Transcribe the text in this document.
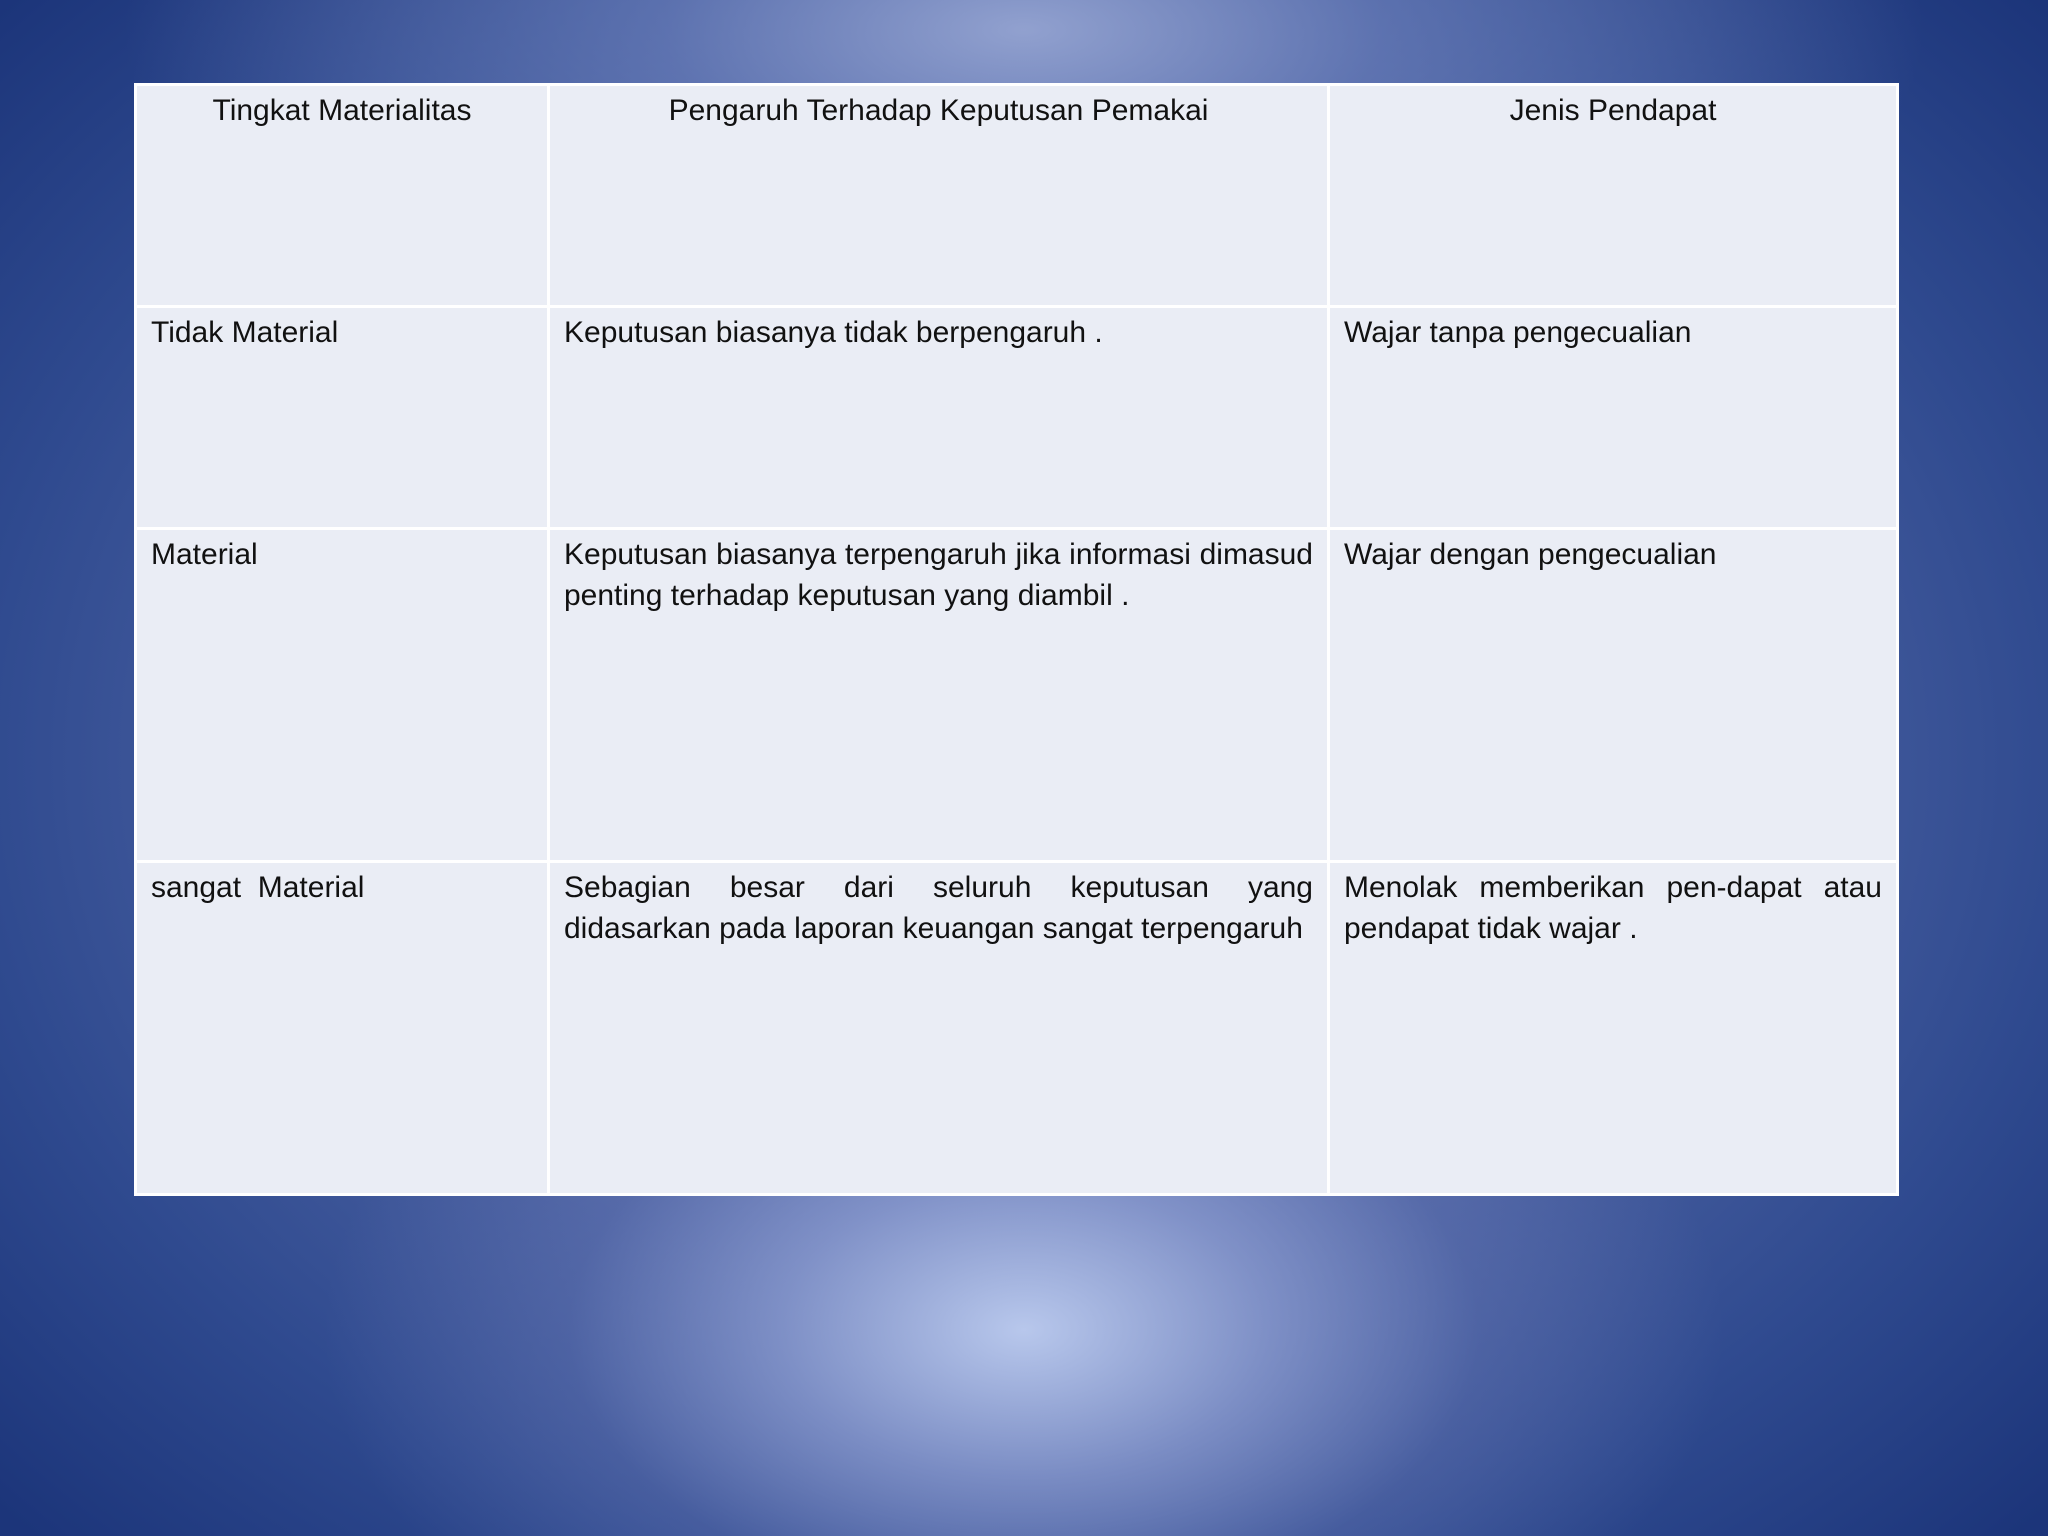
Tingkat Materialitas	Pengaruh Terhadap Keputusan Pemakai	Jenis Pendapat
Tidak Material	Keputusan biasanya tidak berpengaruh .	Wajar tanpa pengecualian
Material	Keputusan biasanya terpengaruh jika informasi dimasud penting terhadap keputusan yang diambil .	Wajar dengan pengecualian
sangat  Material	Sebagian besar dari seluruh keputusan yang didasarkan pada laporan keuangan sangat terpengaruh	Menolak memberikan pen-dapat atau pendapat tidak wajar .
